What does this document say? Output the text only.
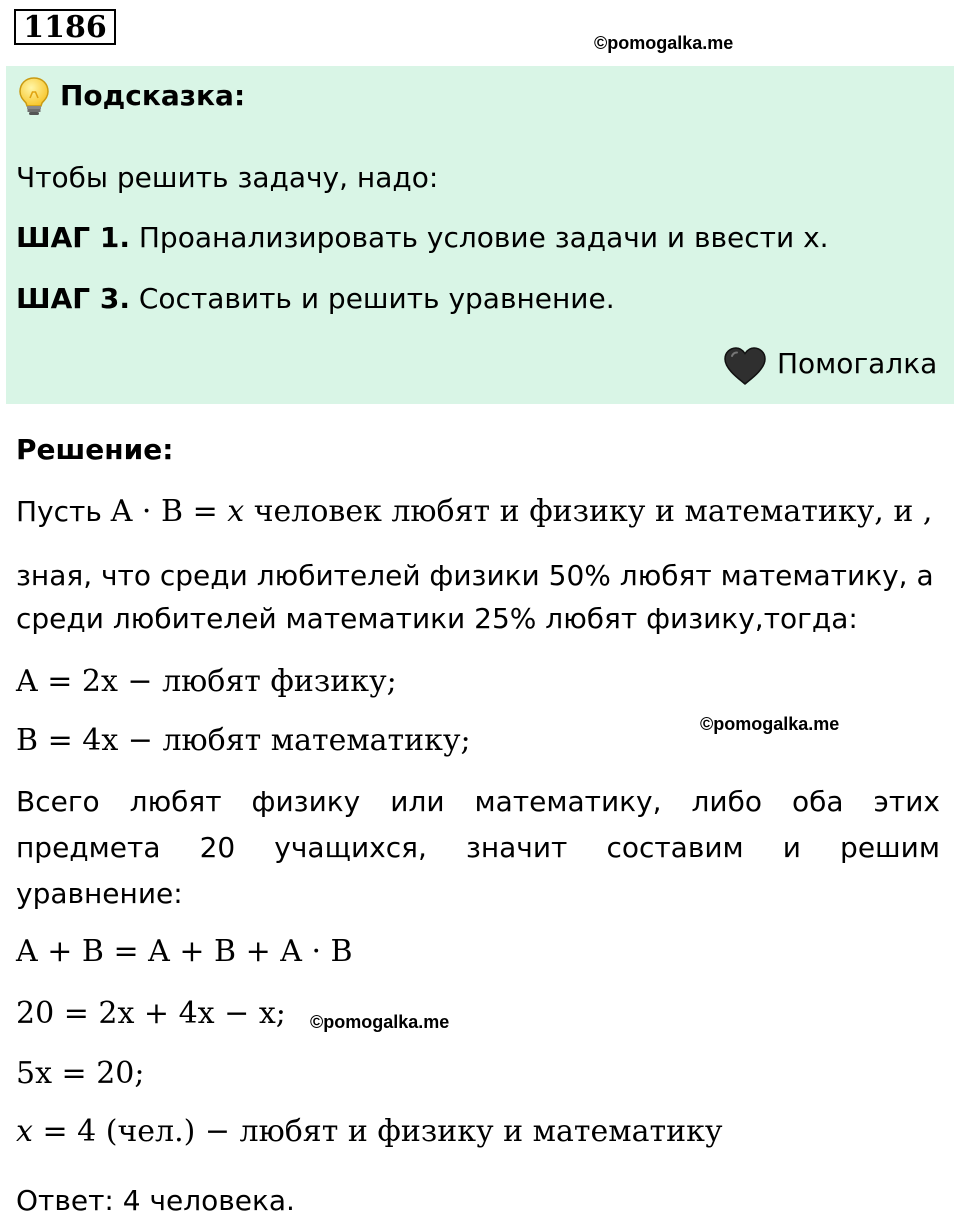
1186	©pomogalka.me
Подсказка:
Чтобы решить задачу, надо:
ШАГ 1. Проанализировать условие задачи и ввести x.
ШАГ 3. Составить и решить уравнение.
Помогалка
Решение:
Пусть A · B = x человек любят и физику и математику, и ,
зная, что среди любителей физики 50% любят математику, а
среди любителей математики 25% любят физику,тогда:
A = 2x − любят физику;
©pomogalka.me
B = 4x − любят математику;
Всего любят физику или математику, либо оба этих
предмета 20 учащихся, значит составим и решим
уравнение:
A + B = A + B + A · B
20 = 2x + 4x − x; ©pomogalka.me
5x = 20;
x = 4 (чел.) − любят и физику и математику
Ответ: 4 человека.
